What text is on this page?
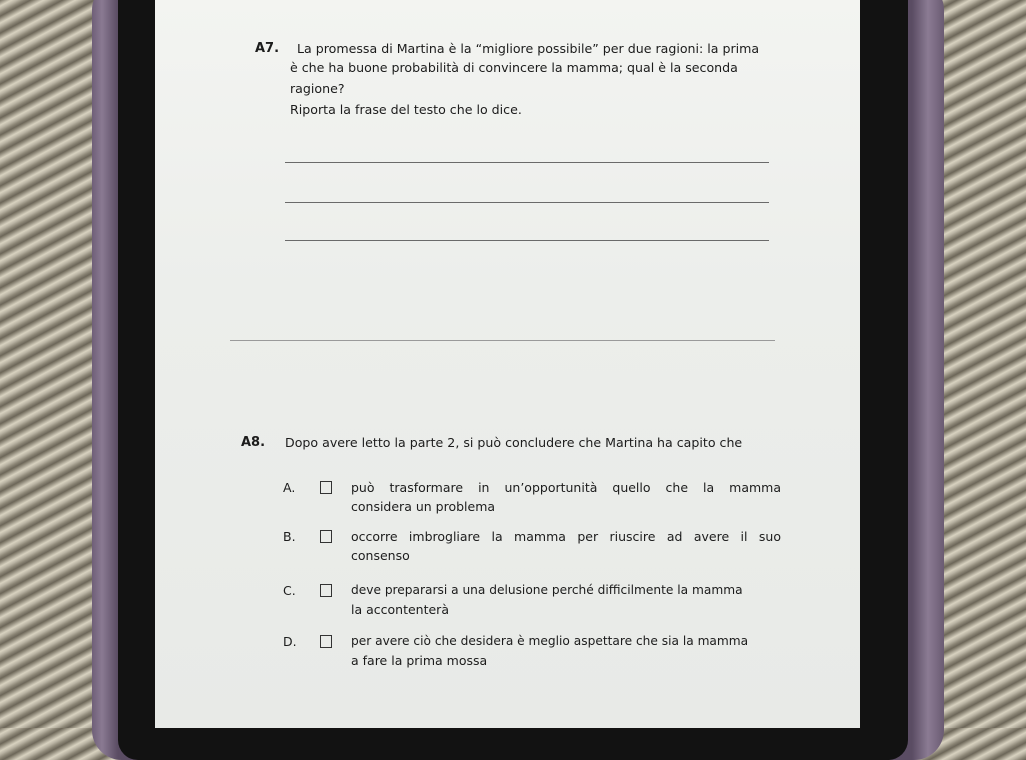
A7. La promessa di Martina è la “migliore possibile” per due ragioni: la prima
è che ha buone probabilità di convincere la mamma; qual è la seconda
ragione?
Riporta la frase del testo che lo dice.
A8. Dopo avere letto la parte 2, si può concludere che Martina ha capito che
A.	può trasformare in un’opportunità quello che la mamma
considera un problema
B.	occorre imbrogliare la mamma per riuscire ad avere il suo
consenso
C.	deve prepararsi a una delusione perché difficilmente la mamma
la accontenterà
D.	per avere ciò che desidera è meglio aspettare che sia la mamma
a fare la prima mossa
